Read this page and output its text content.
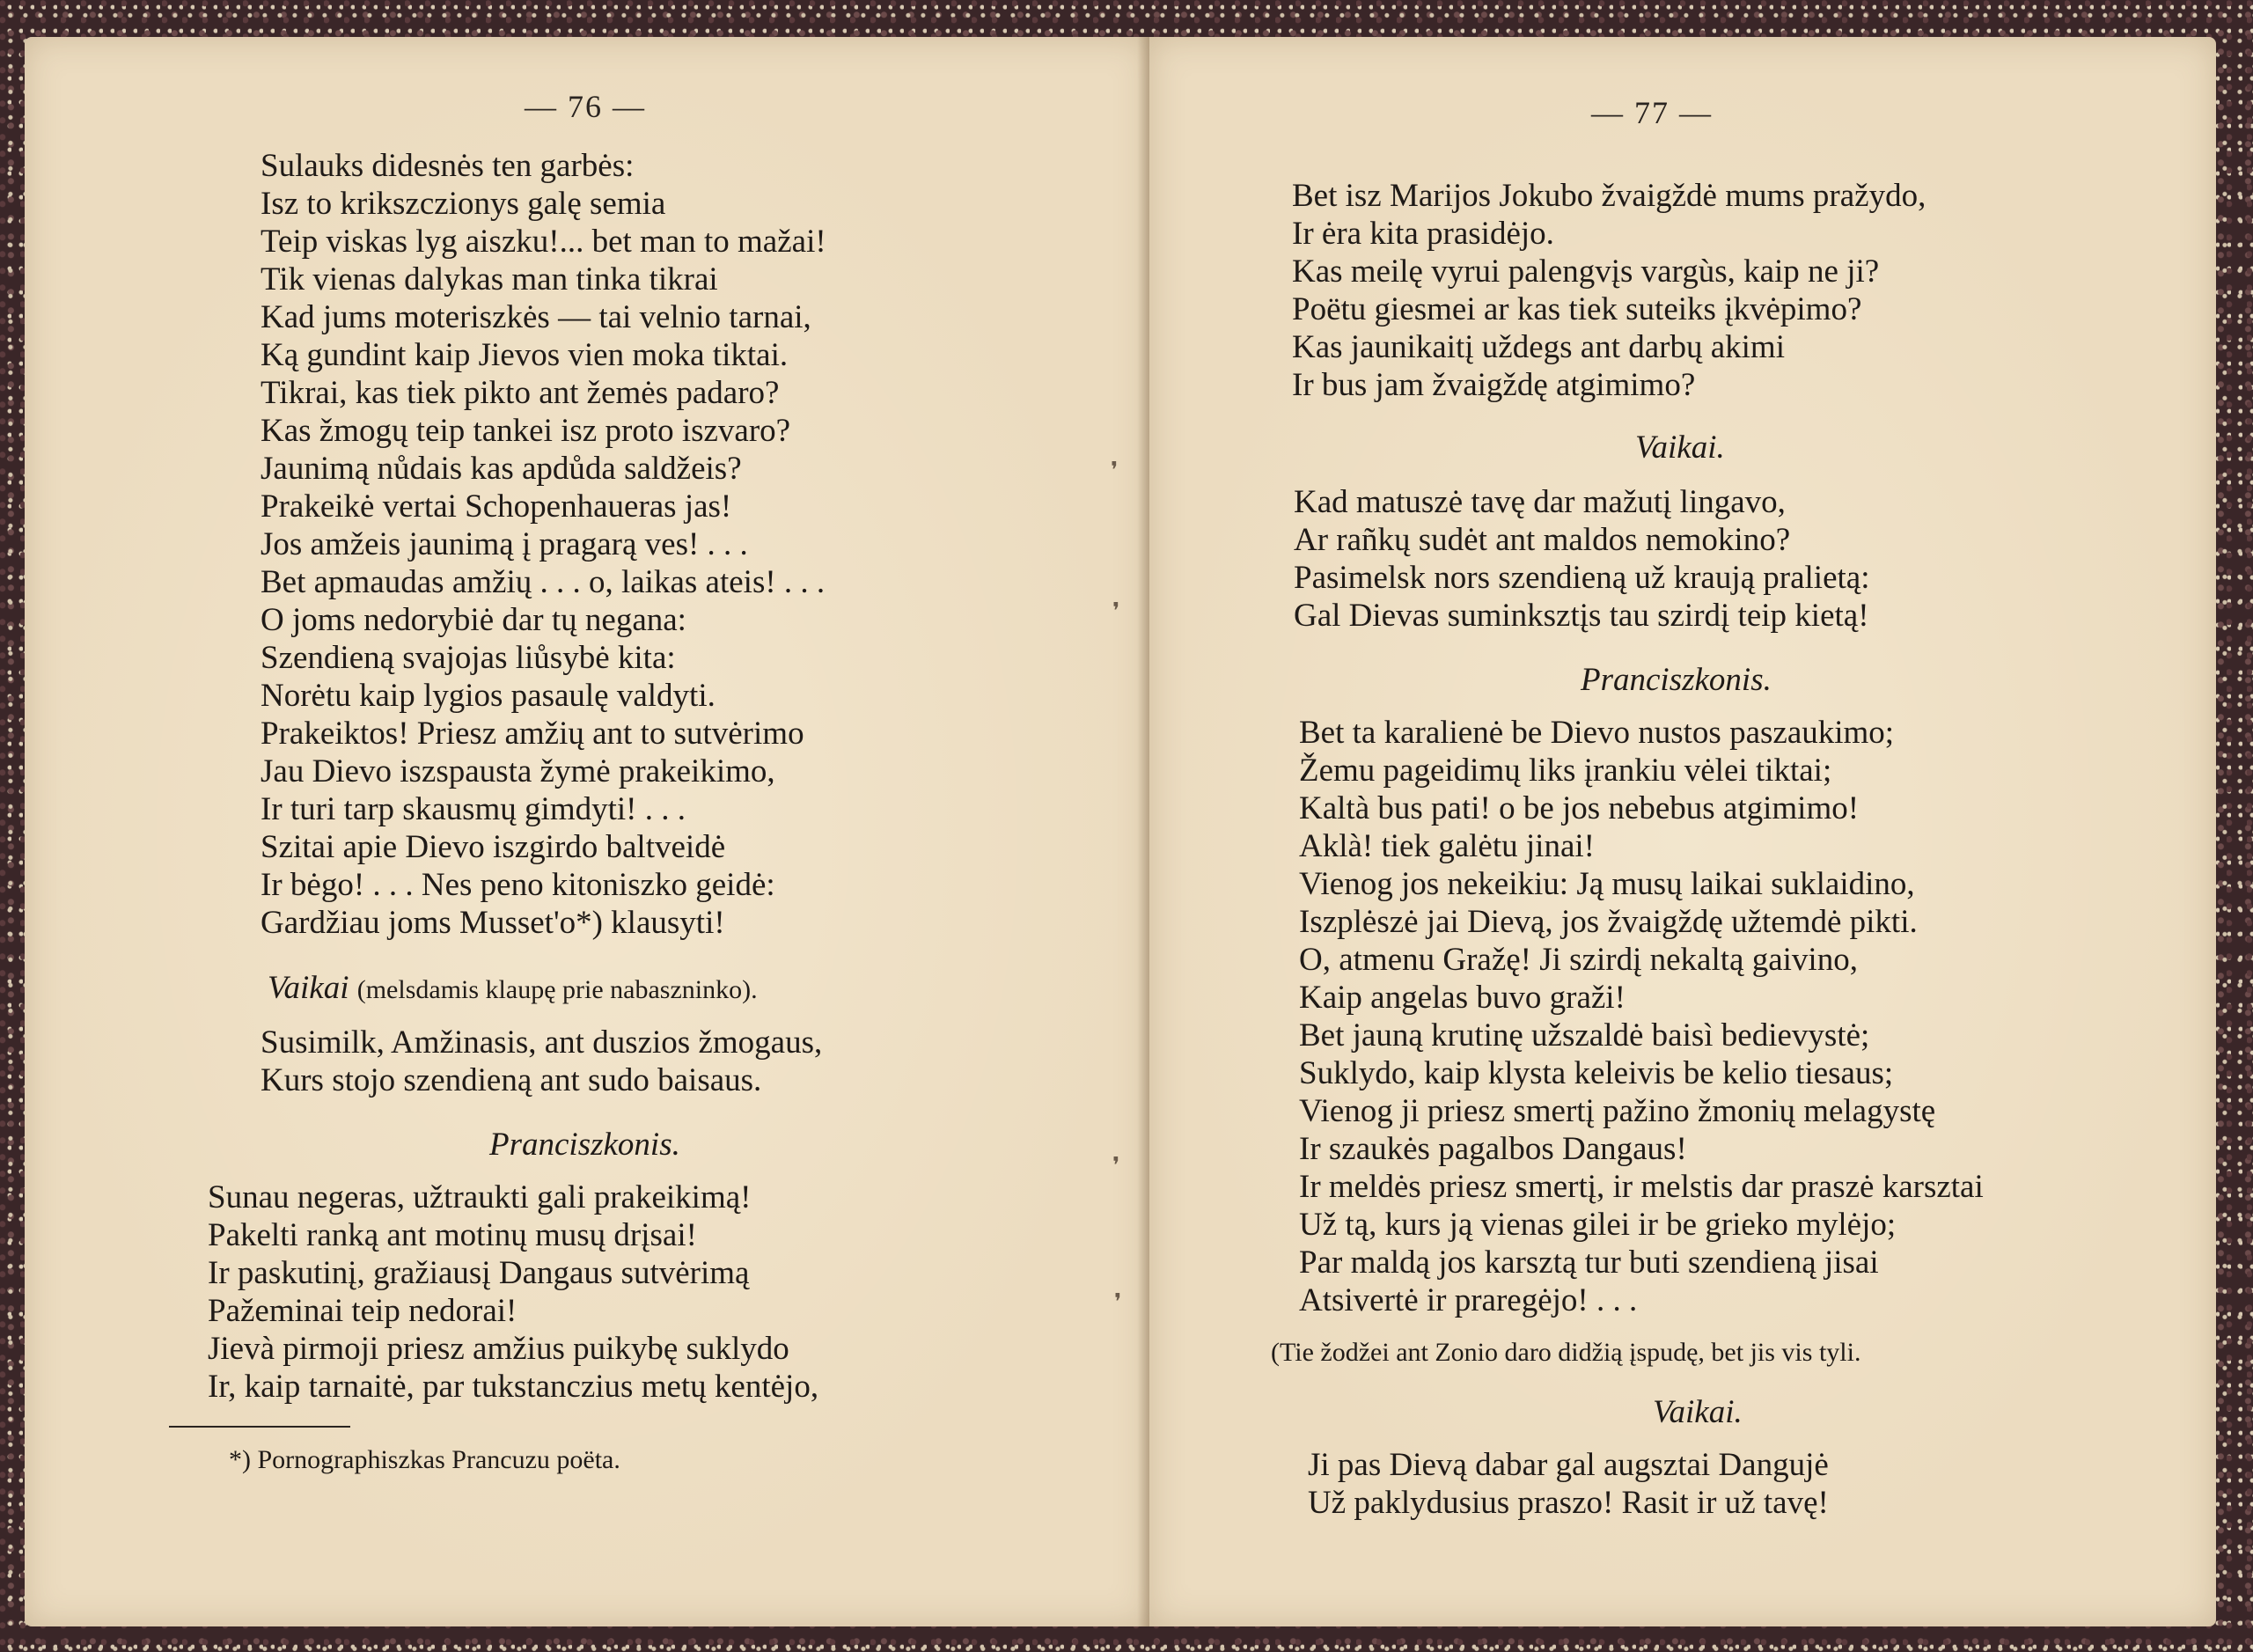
— 76 —
Sulauks didesnės ten garbės:
Isz to krikszczionys galę semia
Teip viskas lyg aiszku!... bet man to mažai!
Tik vienas dalykas man tinka tikrai
Kad jums moteriszkės — tai velnio tarnai,
Ką gundint kaip Jievos vien moka tiktai.
Tikrai, kas tiek pikto ant žemės padaro?
Kas žmogų teip tankei isz proto iszvaro?
Jaunimą nůdais kas apdůda saldžeis?
Prakeikė vertai Schopenhaueras jas!
Jos amžeis jaunimą į pragarą ves! . . .
Bet apmaudas amžių . . . o, laikas ateis! . . .
O joms nedorybiė dar tų negana:
Szendieną svajojas liůsybė kita:
Norėtu kaip lygios pasaulę valdyti.
Prakeiktos! Priesz amžių ant to sutvėrimo
Jau Dievo iszspausta žymė prakeikimo,
Ir turi tarp skausmų gimdyti! . . .
Szitai apie Dievo iszgirdo baltveidė
Ir bėgo! . . . Nes peno kitoniszko geidė:
Gardžiau joms Musset'o*) klausyti!
Vaikai (melsdamis klaupę prie nabaszninko).
Susimilk, Amžinasis, ant duszios žmogaus,
Kurs stojo szendieną ant sudo baisaus.
Pranciszkonis.
Sunau negeras, užtraukti gali prakeikimą!
Pakelti ranką ant motinų musų drįsai!
Ir paskutinį, gražiausį Dangaus sutvėrimą
Pažeminai teip nedorai!
Jievà pirmoji priesz amžius puikybę suklydo
Ir, kaip tarnaitė, par tukstanczius metų kentėjo,
*) Pornographiszkas Prancuzu poëta.
❜
❜
❜
❜
— 77 —
Bet isz Marijos Jokubo žvaigždė mums pražydo,
Ir ėra kita prasidėjo.
Kas meilę vyrui palengvįs vargùs, kaip ne ji?
Poëtu giesmei ar kas tiek suteiks įkvėpimo?
Kas jaunikaitį uždegs ant darbų akimi
Ir bus jam žvaigždę atgimimo?
Vaikai.
Kad matuszė tavę dar mažutį lingavo,
Ar rañkų sudėt ant maldos nemokino?
Pasimelsk nors szendieną už kraują pralietą:
Gal Dievas suminksztįs tau szirdį teip kietą!
Pranciszkonis.
Bet ta karalienė be Dievo nustos paszaukimo;
Žemu pageidimų liks įrankiu vėlei tiktai;
Kaltà bus pati! o be jos nebebus atgimimo!
Aklà! tiek galėtu jinai!
Vienog jos nekeikiu: Ją musų laikai suklaidino,
Iszplėszė jai Dievą, jos žvaigždę užtemdė pikti.
O, atmenu Gražę! Ji szirdį nekaltą gaivino,
Kaip angelas buvo graži!
Bet jauną krutinę užszaldė baisì bedievystė;
Suklydo, kaip klysta keleivis be kelio tiesaus;
Vienog ji priesz smertį pažino žmonių melagystę
Ir szaukės pagalbos Dangaus!
Ir meldės priesz smertį, ir melstis dar praszė karsztai
Už tą, kurs ją vienas gilei ir be grieko mylėjo;
Par maldą jos karsztą tur buti szendieną jisai
Atsivertė ir praregėjo! . . .
(Tie žodžei ant Zonio daro didžią įspudę, bet jis vis tyli.
Vaikai.
Ji pas Dievą dabar gal augsztai Dangujė
Už paklydusius praszo! Rasit ir už tavę!
